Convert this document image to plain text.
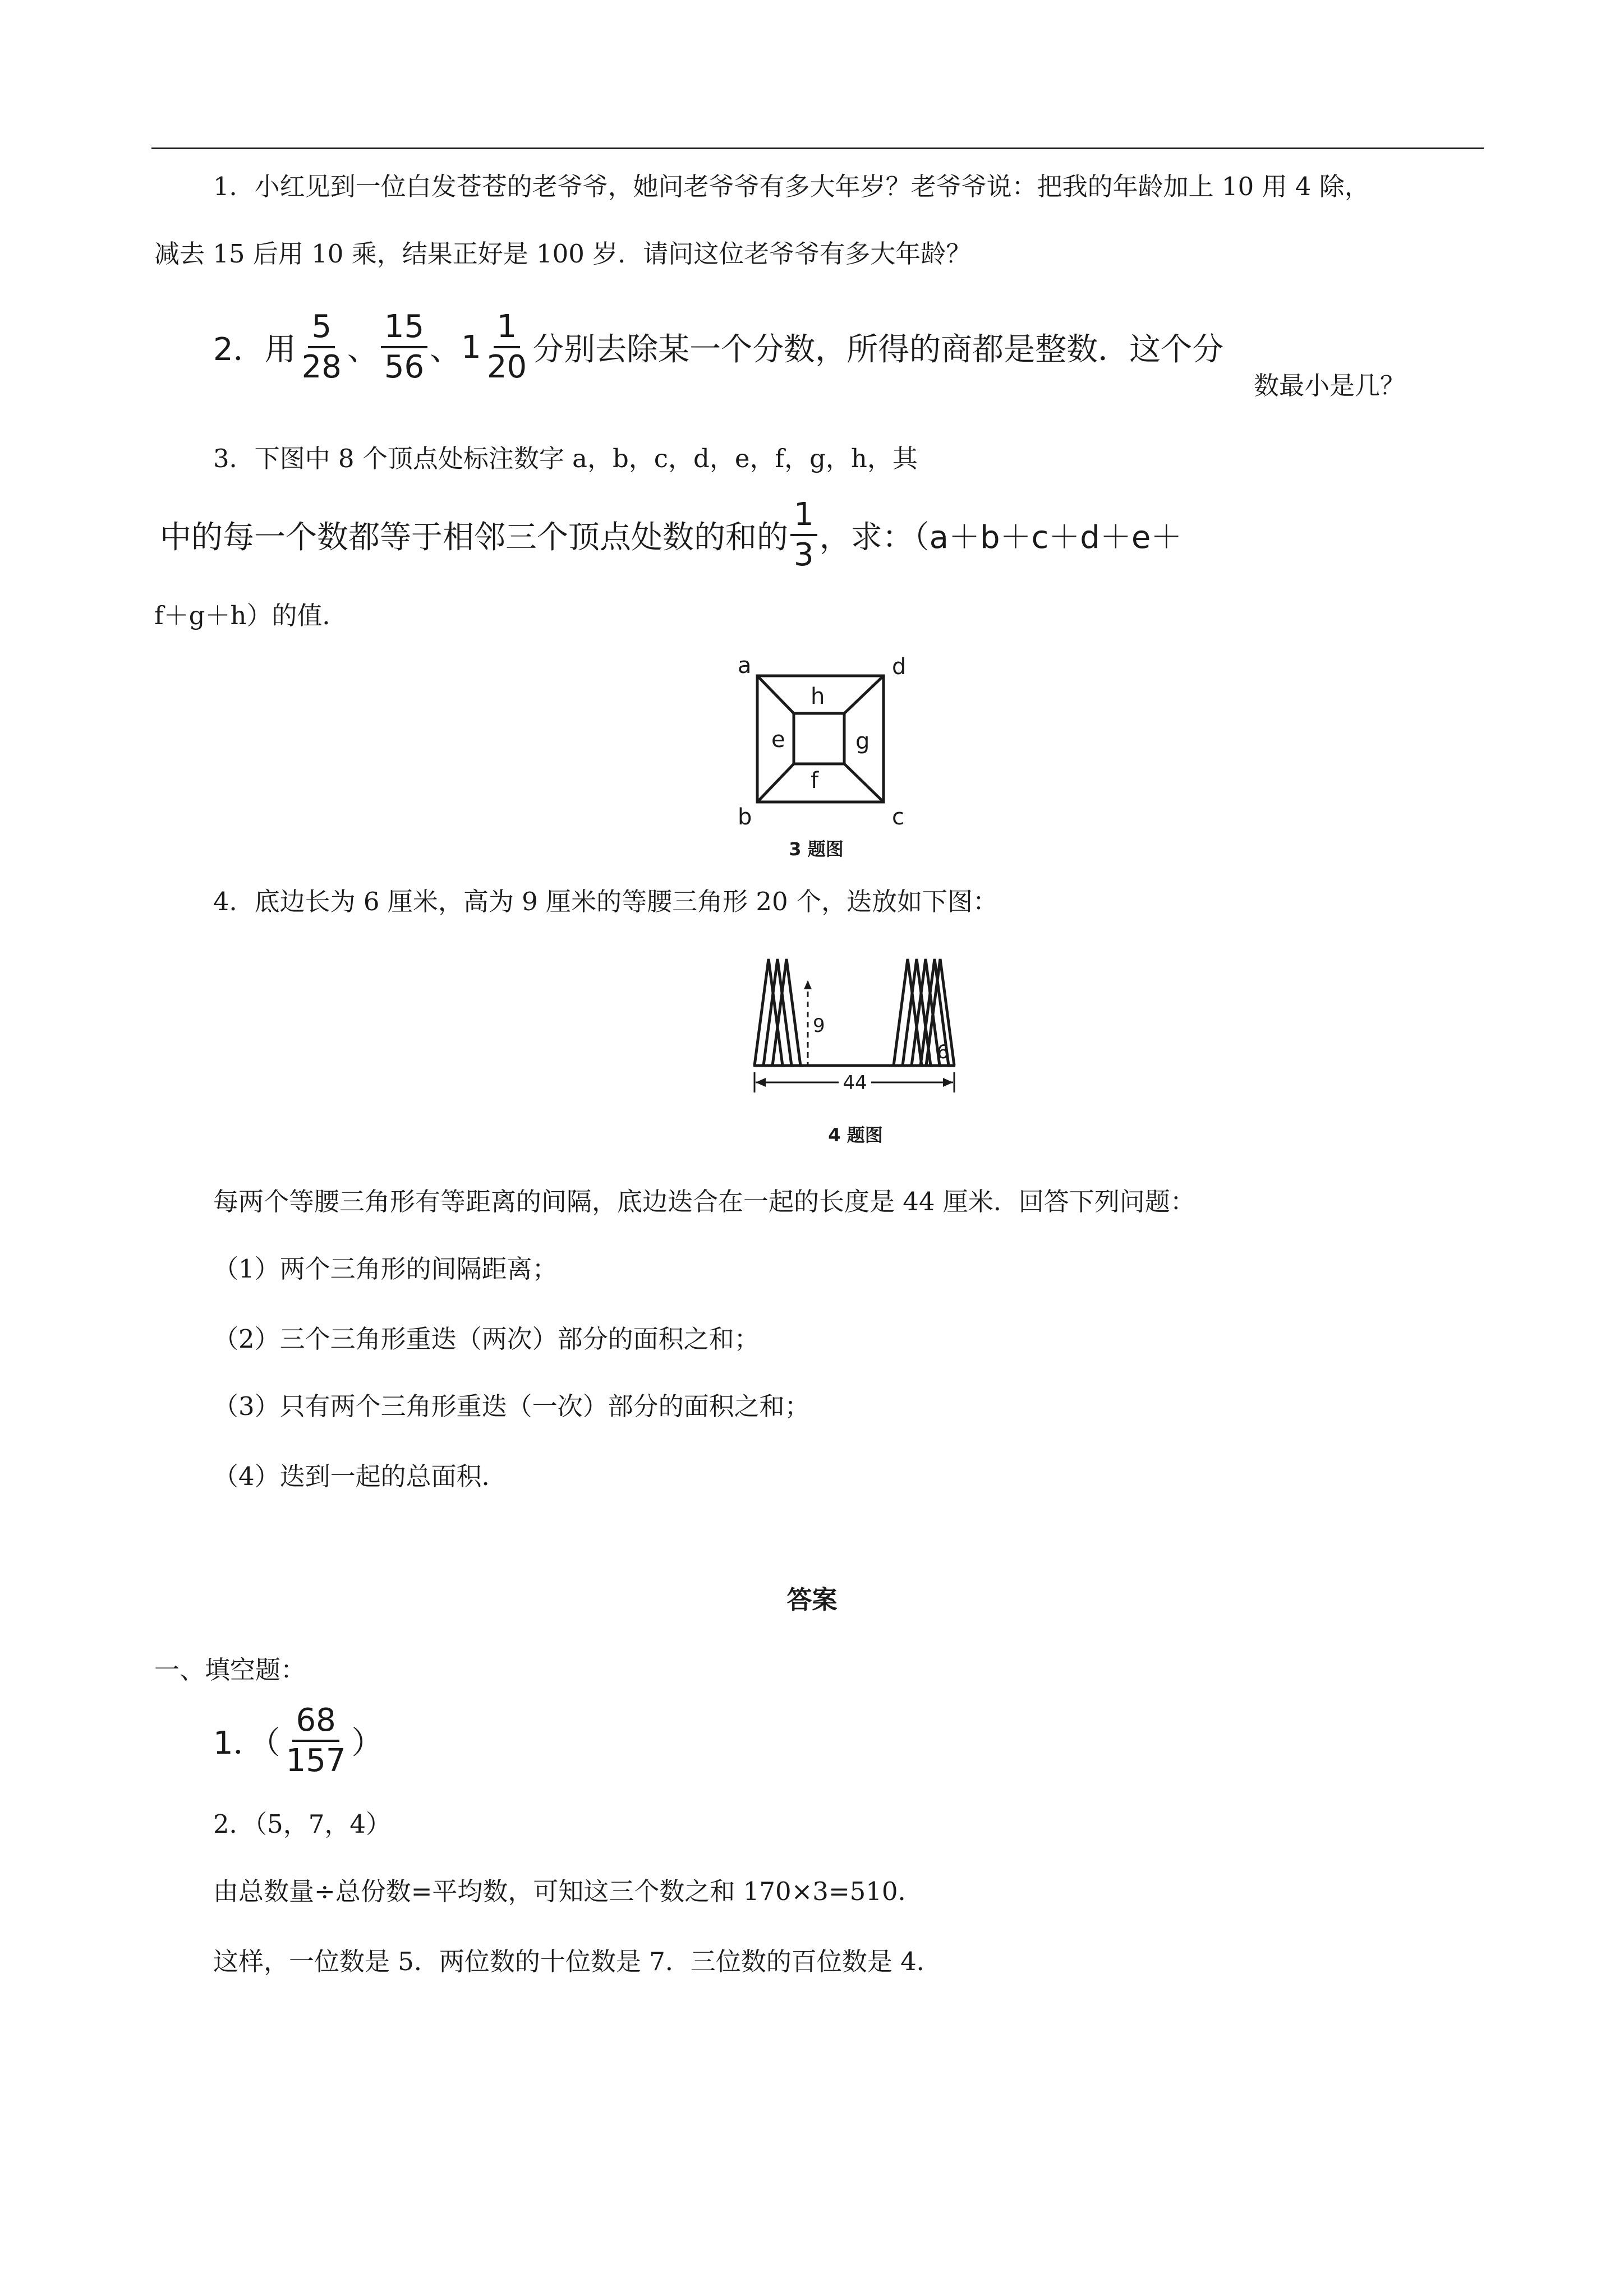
1．小红见到一位白发苍苍的老爷爷，她问老爷爷有多大年岁？老爷爷说：把我的年龄加上 10 用 4 除，
减去 15 后用 10 乘，结果正好是 100 岁．请问这位老爷爷有多大年龄？
2．用 $\frac{5}{28}$ 、 $\frac{15}{56}$ 、 $1 \frac{1}{20}$ 分别去除某一个分数，所得的商都是整数．这个分
数最小是几？
3．下图中 8 个顶点处标注数字 a，b，c，d，e，f，g，h，其
中的每一个数都等于相邻三个顶点处数的和的 $\frac{1}{3}$ ，求：（a＋b＋c＋d＋e＋
f＋g＋h）的值．
a	d
b	c
h
e	g
f
3 题图
4．底边长为 6 厘米，高为 9 厘米的等腰三角形 20 个，迭放如下图：
9
6
44
4 题图
每两个等腰三角形有等距离的间隔，底边迭合在一起的长度是 44 厘米．回答下列问题：
（1）两个三角形的间隔距离；
（2）三个三角形重迭（两次）部分的面积之和；
（3）只有两个三角形重迭（一次）部分的面积之和；
（4）迭到一起的总面积．
答案
一、填空题：
1．（ $\frac{68}{157}$ ）
2．（5，7，4）
由总数量÷总份数=平均数，可知这三个数之和 170×3=510．
这样，一位数是 5．两位数的十位数是 7．三位数的百位数是 4．
